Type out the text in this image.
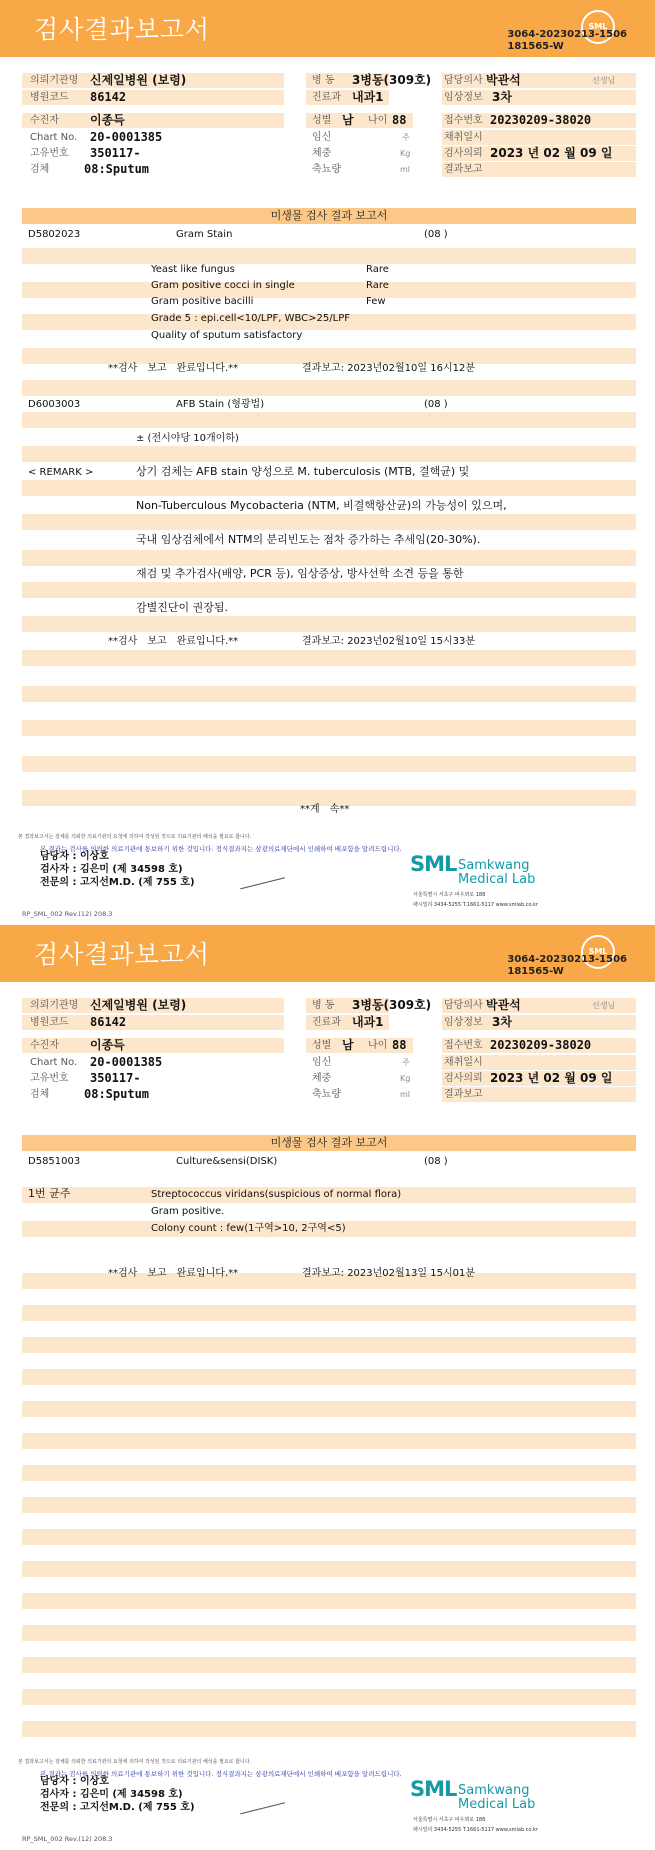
검사결과보고서	SML
3064-20230213-1506
181565-W
의뢰기관명 신제일병원 (보령)	병 동 3병동(309호) 담당의사 박관석	선생님
병원코드 86142	진료과 내과1	임상정보 3차
수진자	이종득	성별 남 나이 88	접수번호 20230209-38020
Chart No. 20-0001385	임신	주	채취일시
고유번호 350117-	체중	Kg	검사의뢰 2023 년 02 월 09 일
검체	08:Sputum	축뇨량	ml	결과보고
미생물 검사 결과 보고서
D5802023	Gram Stain	(08 )
Yeast like fungus	Rare
Gram positive cocci in single	Rare
Gram positive bacilli	Few
Grade 5 : epi.cell<10/LPF, WBC>25/LPF
Quality of sputum satisfactory
**검사　보고　완료입니다.**	결과보고: 2023년02월10일 16시12분
D6003003	AFB Stain (형광법)	(08 )
± (전시야당 10개이하)
< REMARK >	상기 검체는 AFB stain 양성으로 M. tuberculosis (MTB, 결핵균) 및
Non-Tuberculous Mycobacteria (NTM, 비결핵항산균)의 가능성이 있으며,
국내 임상검체에서 NTM의 분리빈도는 점차 증가하는 추세임(20-30%).
재검 및 추가검사(배양, PCR 등), 임상증상, 방사선학 소견 등을 통한
감별진단이 권장됨.
**검사　보고　완료입니다.**	결과보고: 2023년02월10일 15시33분
**계　속**
본 결과보고서는 검체를 의뢰한 의료기관의 요청에 의하여 작성된 것으로 의료기관의 해석을 필요로 합니다.
본 결과는 검사를 의뢰한 의료기관에 통보하기 위한 것입니다. 정식결과지는 삼광의료재단에서 인쇄하여 배포함을 알려드립니다.
담당자 : 이상호
검사자 : 김은미 (제 34598 호)
전문의 : 고지선M.D. (제 755 호)
SML Samkwang
Medical Lab
서울특별시 서초구 바우뫼로 188
팩시밀리 3434-5255 T.1661-5117 www.smlab.co.kr
RP_SML_002 Rev.(12) 208.3
검사결과보고서	SML
3064-20230213-1506
181565-W
의뢰기관명 신제일병원 (보령)	병 동 3병동(309호) 담당의사 박관석	선생님
병원코드 86142	진료과 내과1	임상정보 3차
수진자	이종득	성별 남 나이 88	접수번호 20230209-38020
Chart No. 20-0001385	임신	주	채취일시
고유번호 350117-	체중	Kg	검사의뢰 2023 년 02 월 09 일
검체	08:Sputum	축뇨량	ml	결과보고
미생물 검사 결과 보고서
D5851003	Culture&sensi(DISK)	(08 )
1번 균주	Streptococcus viridans(suspicious of normal flora)
Gram positive.
Colony count : few(1구역>10, 2구역<5)
**검사　보고　완료입니다.**	결과보고: 2023년02월13일 15시01분
본 결과보고서는 검체를 의뢰한 의료기관의 요청에 의하여 작성된 것으로 의료기관의 해석을 필요로 합니다.
본 결과는 검사를 의뢰한 의료기관에 통보하기 위한 것입니다. 정식결과지는 삼광의료재단에서 인쇄하여 배포함을 알려드립니다.
담당자 : 이상호
검사자 : 김은미 (제 34598 호)
전문의 : 고지선M.D. (제 755 호)
SML Samkwang
Medical Lab
서울특별시 서초구 바우뫼로 188
팩시밀리 3434-5255 T.1661-5117 www.smlab.co.kr
RP_SML_002 Rev.(12) 208.3
